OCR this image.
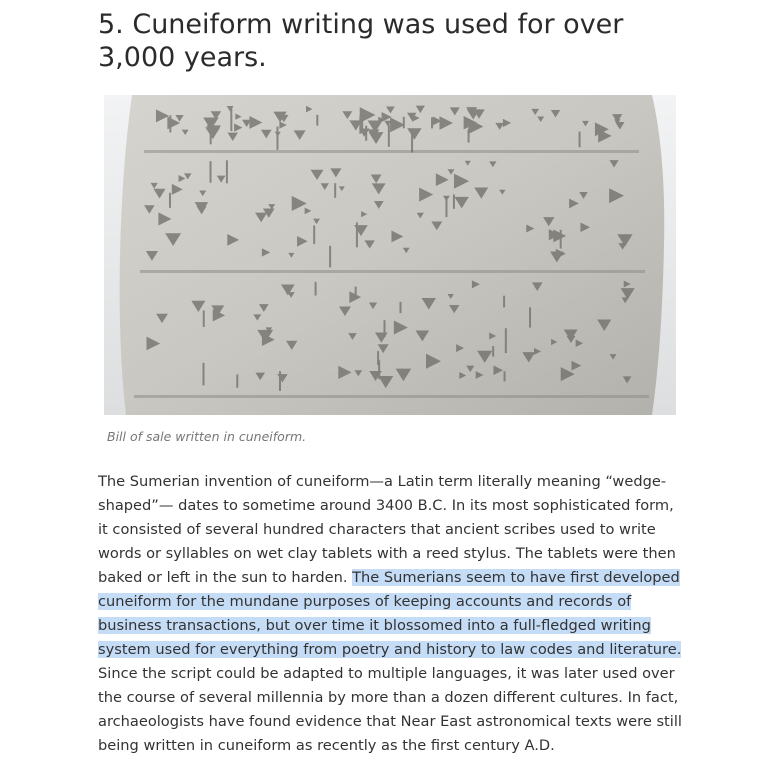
5. Cuneiform writing was used for over 3,000 years.

Bill of sale written in cuneiform.

The Sumerian invention of cuneiform—a Latin term literally meaning “wedge-shaped”— dates to sometime around 3400 B.C. In its most sophisticated form, it consisted of several hundred characters that ancient scribes used to write words or syllables on wet clay tablets with a reed stylus. The tablets were then baked or left in the sun to harden. The Sumerians seem to have first developed cuneiform for the mundane purposes of keeping accounts and records of business transactions, but over time it blossomed into a full-fledged writing system used for everything from poetry and history to law codes and literature. Since the script could be adapted to multiple languages, it was later used over the course of several millennia by more than a dozen different cultures. In fact, archaeologists have found evidence that Near East astronomical texts were still being written in cuneiform as recently as the first century A.D.
